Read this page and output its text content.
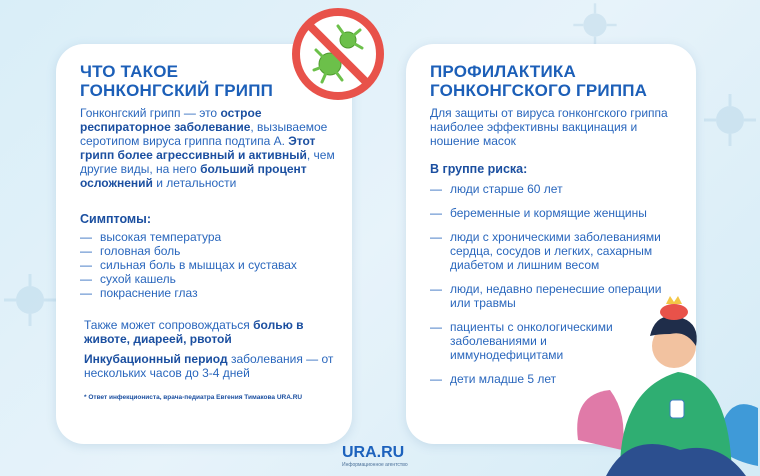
ЧТО ТАКОЕ
ГОНКОНГСКИЙ ГРИПП
Гонконгский грипп — это острое респираторное заболевание, вызываемое серотипом вируса гриппа подтипа А. Этот грипп более агрессивный и активный, чем другие виды, на него больший процент осложнений и летальности
Симптомы:
— высокая температура
— головная боль
— сильная боль в мышцах и суставах
— сухой кашель
— покраснение глаз
Также может сопровождаться болью в животе, диареей, рвотой
Инкубационный период заболевания — от нескольких часов до 3-4 дней
* Ответ инфекциониста, врача-педиатра Евгения Тимакова URA.RU
ПРОФИЛАКТИКА
ГОНКОНГСКОГО ГРИППА
Для защиты от вируса гонконгского гриппа наиболее эффективны вакцинация и ношение масок
В группе риска:
— люди старше 60 лет
— беременные и кормящие женщины
— люди с хроническими заболеваниями сердца, сосудов и легких, сахарным диабетом и лишним весом
— люди, недавно перенесшие операции или травмы
— пациенты с онкологическими заболеваниями и иммунодефицитами
— дети младше 5 лет
URA.RU
Информационное агентство
